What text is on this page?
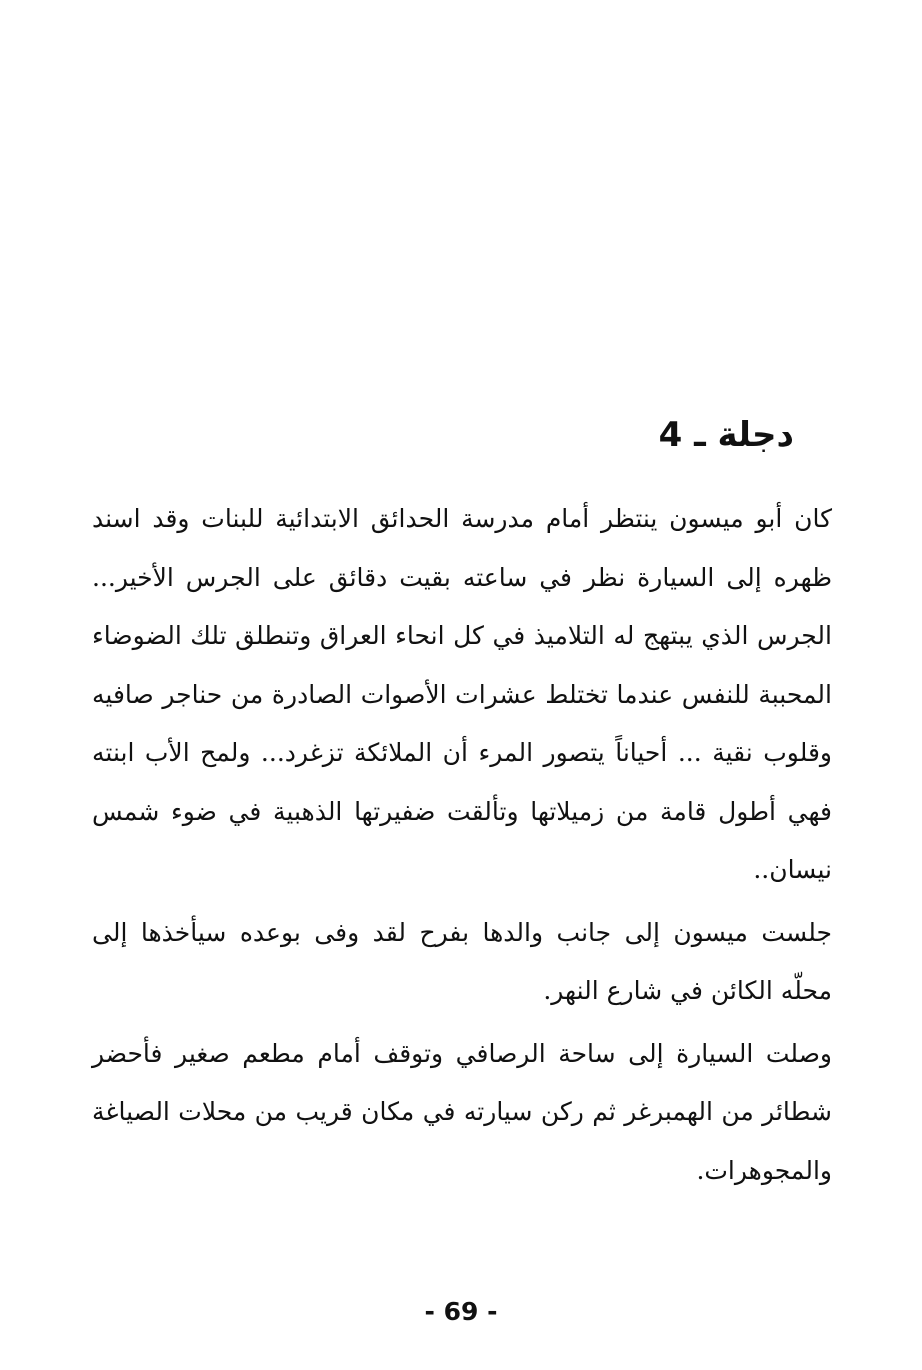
دجلة ـ 4

كان أبو ميسون ينتظر أمام مدرسة الحدائق الابتدائية للبنات وقد اسند ظهره إلى السيارة نظر في ساعته بقيت دقائق على الجرس الأخير... الجرس الذي يبتهج له التلاميذ في كل انحاء العراق وتنطلق تلك الضوضاء المحببة للنفس عندما تختلط عشرات الأصوات الصادرة من حناجر صافيه وقلوب نقية ... أحياناً يتصور المرء أن الملائكة تزغرد... ولمح الأب ابنته فهي أطول قامة من زميلاتها وتألقت ضفيرتها الذهبية في ضوء شمس نيسان..

جلست ميسون إلى جانب والدها بفرح لقد وفى بوعده سيأخذها إلى محلّه الكائن في شارع النهر.

وصلت السيارة إلى ساحة الرصافي وتوقف أمام مطعم صغير فأحضر شطائر من الهمبرغر ثم ركن سيارته في مكان قريب من محلات الصياغة والمجوهرات.

- 69 -
